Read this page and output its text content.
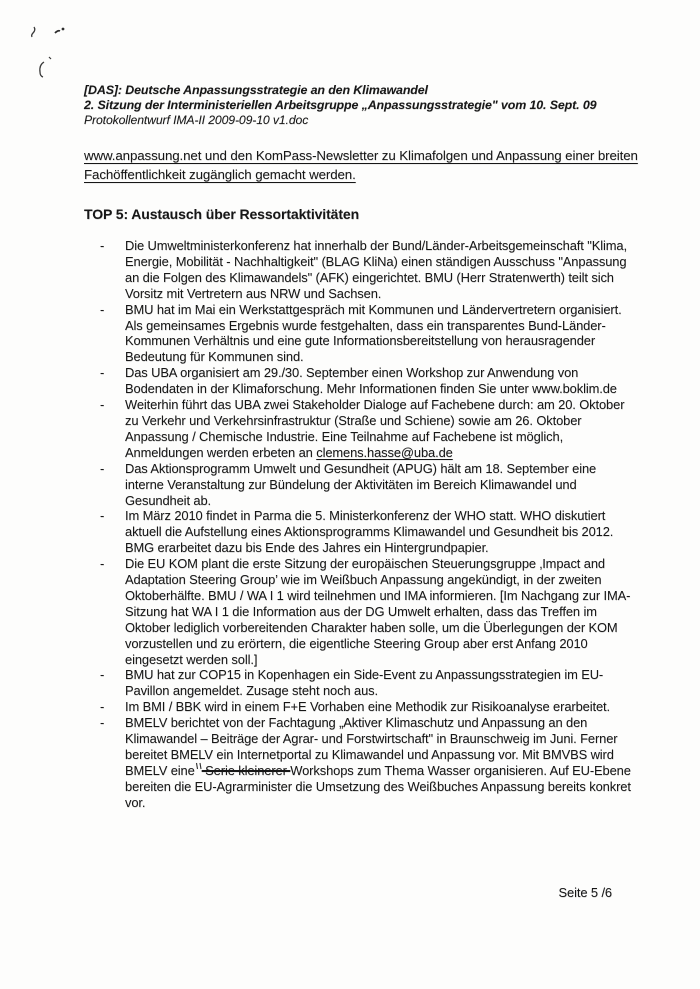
[DAS]: Deutsche Anpassungsstrategie an den Klimawandel
2. Sitzung der Interministeriellen Arbeitsgruppe „Anpassungsstrategie" vom 10. Sept. 09
Protokollentwurf IMA-II 2009-09-10 v1.doc

www.anpassung.net und den KomPass-Newsletter zu Klimafolgen und Anpassung einer breiten Fachöffentlichkeit zugänglich gemacht werden.

TOP 5: Austausch über Ressortaktivitäten
-	Die Umweltministerkonferenz hat innerhalb der Bund/Länder-Arbeitsgemeinschaft "Klima, Energie, Mobilität - Nachhaltigkeit" (BLAG KliNa) einen ständigen Ausschuss "Anpassung an die Folgen des Klimawandels" (AFK) eingerichtet. BMU (Herr Stratenwerth) teilt sich Vorsitz mit Vertretern aus NRW und Sachsen.

-	BMU hat im Mai ein Werkstattgespräch mit Kommunen und Ländervertretern organisiert. Als gemeinsames Ergebnis wurde festgehalten, dass ein transparentes Bund-Länder-Kommunen Verhältnis und eine gute Informationsbereitstellung von herausragender Bedeutung für Kommunen sind.

-	Das UBA organisiert am 29./30. September einen Workshop zur Anwendung von Bodendaten in der Klimaforschung. Mehr Informationen finden Sie unter www.boklim.de

-	Weiterhin führt das UBA zwei Stakeholder Dialoge auf Fachebene durch: am 20. Oktober zu Verkehr und Verkehrsinfrastruktur (Straße und Schiene) sowie am 26. Oktober Anpassung / Chemische Industrie. Eine Teilnahme auf Fachebene ist möglich, Anmeldungen werden erbeten an clemens.hasse@uba.de

-	Das Aktionsprogramm Umwelt und Gesundheit (APUG) hält am 18. September eine interne Veranstaltung zur Bündelung der Aktivitäten im Bereich Klimawandel und Gesundheit ab.

-	Im März 2010 findet in Parma die 5. Ministerkonferenz der WHO statt. WHO diskutiert aktuell die Aufstellung eines Aktionsprogramms Klimawandel und Gesundheit bis 2012. BMG erarbeitet dazu bis Ende des Jahres ein Hintergrundpapier.

-	Die EU KOM plant die erste Sitzung der europäischen Steuerungsgruppe ‚Impact and Adaptation Steering Group’ wie im Weißbuch Anpassung angekündigt, in der zweiten Oktoberhälfte. BMU / WA I 1 wird teilnehmen und IMA informieren. [Im Nachgang zur IMA-Sitzung hat WA I 1 die Information aus der DG Umwelt erhalten, dass das Treffen im Oktober lediglich vorbereitenden Charakter haben solle, um die Überlegungen der KOM vorzustellen und zu erörtern, die eigentliche Steering Group aber erst Anfang 2010 eingesetzt werden soll.]

-	BMU hat zur COP15 in Kopenhagen ein Side-Event zu Anpassungsstrategien im EU-Pavillon angemeldet. Zusage steht noch aus.

-	Im BMI / BBK wird in einem F+E Vorhaben eine Methodik zur Risikoanalyse erarbeitet.

-	BMELV berichtet von der Fachtagung „Aktiver Klimaschutz und Anpassung an den Klimawandel – Beiträge der Agrar- und Forstwirtschaft" in Braunschweig im Juni. Ferner bereitet BMELV ein Internetportal zu Klimawandel und Anpassung vor. Mit BMVBS wird BMELV eine Serie kleinerer Workshops zum Thema Wasser organisieren. Auf EU-Ebene bereiten die EU-Agrarminister die Umsetzung des Weißbuches Anpassung bereits konkret vor.

Seite 5 /6
